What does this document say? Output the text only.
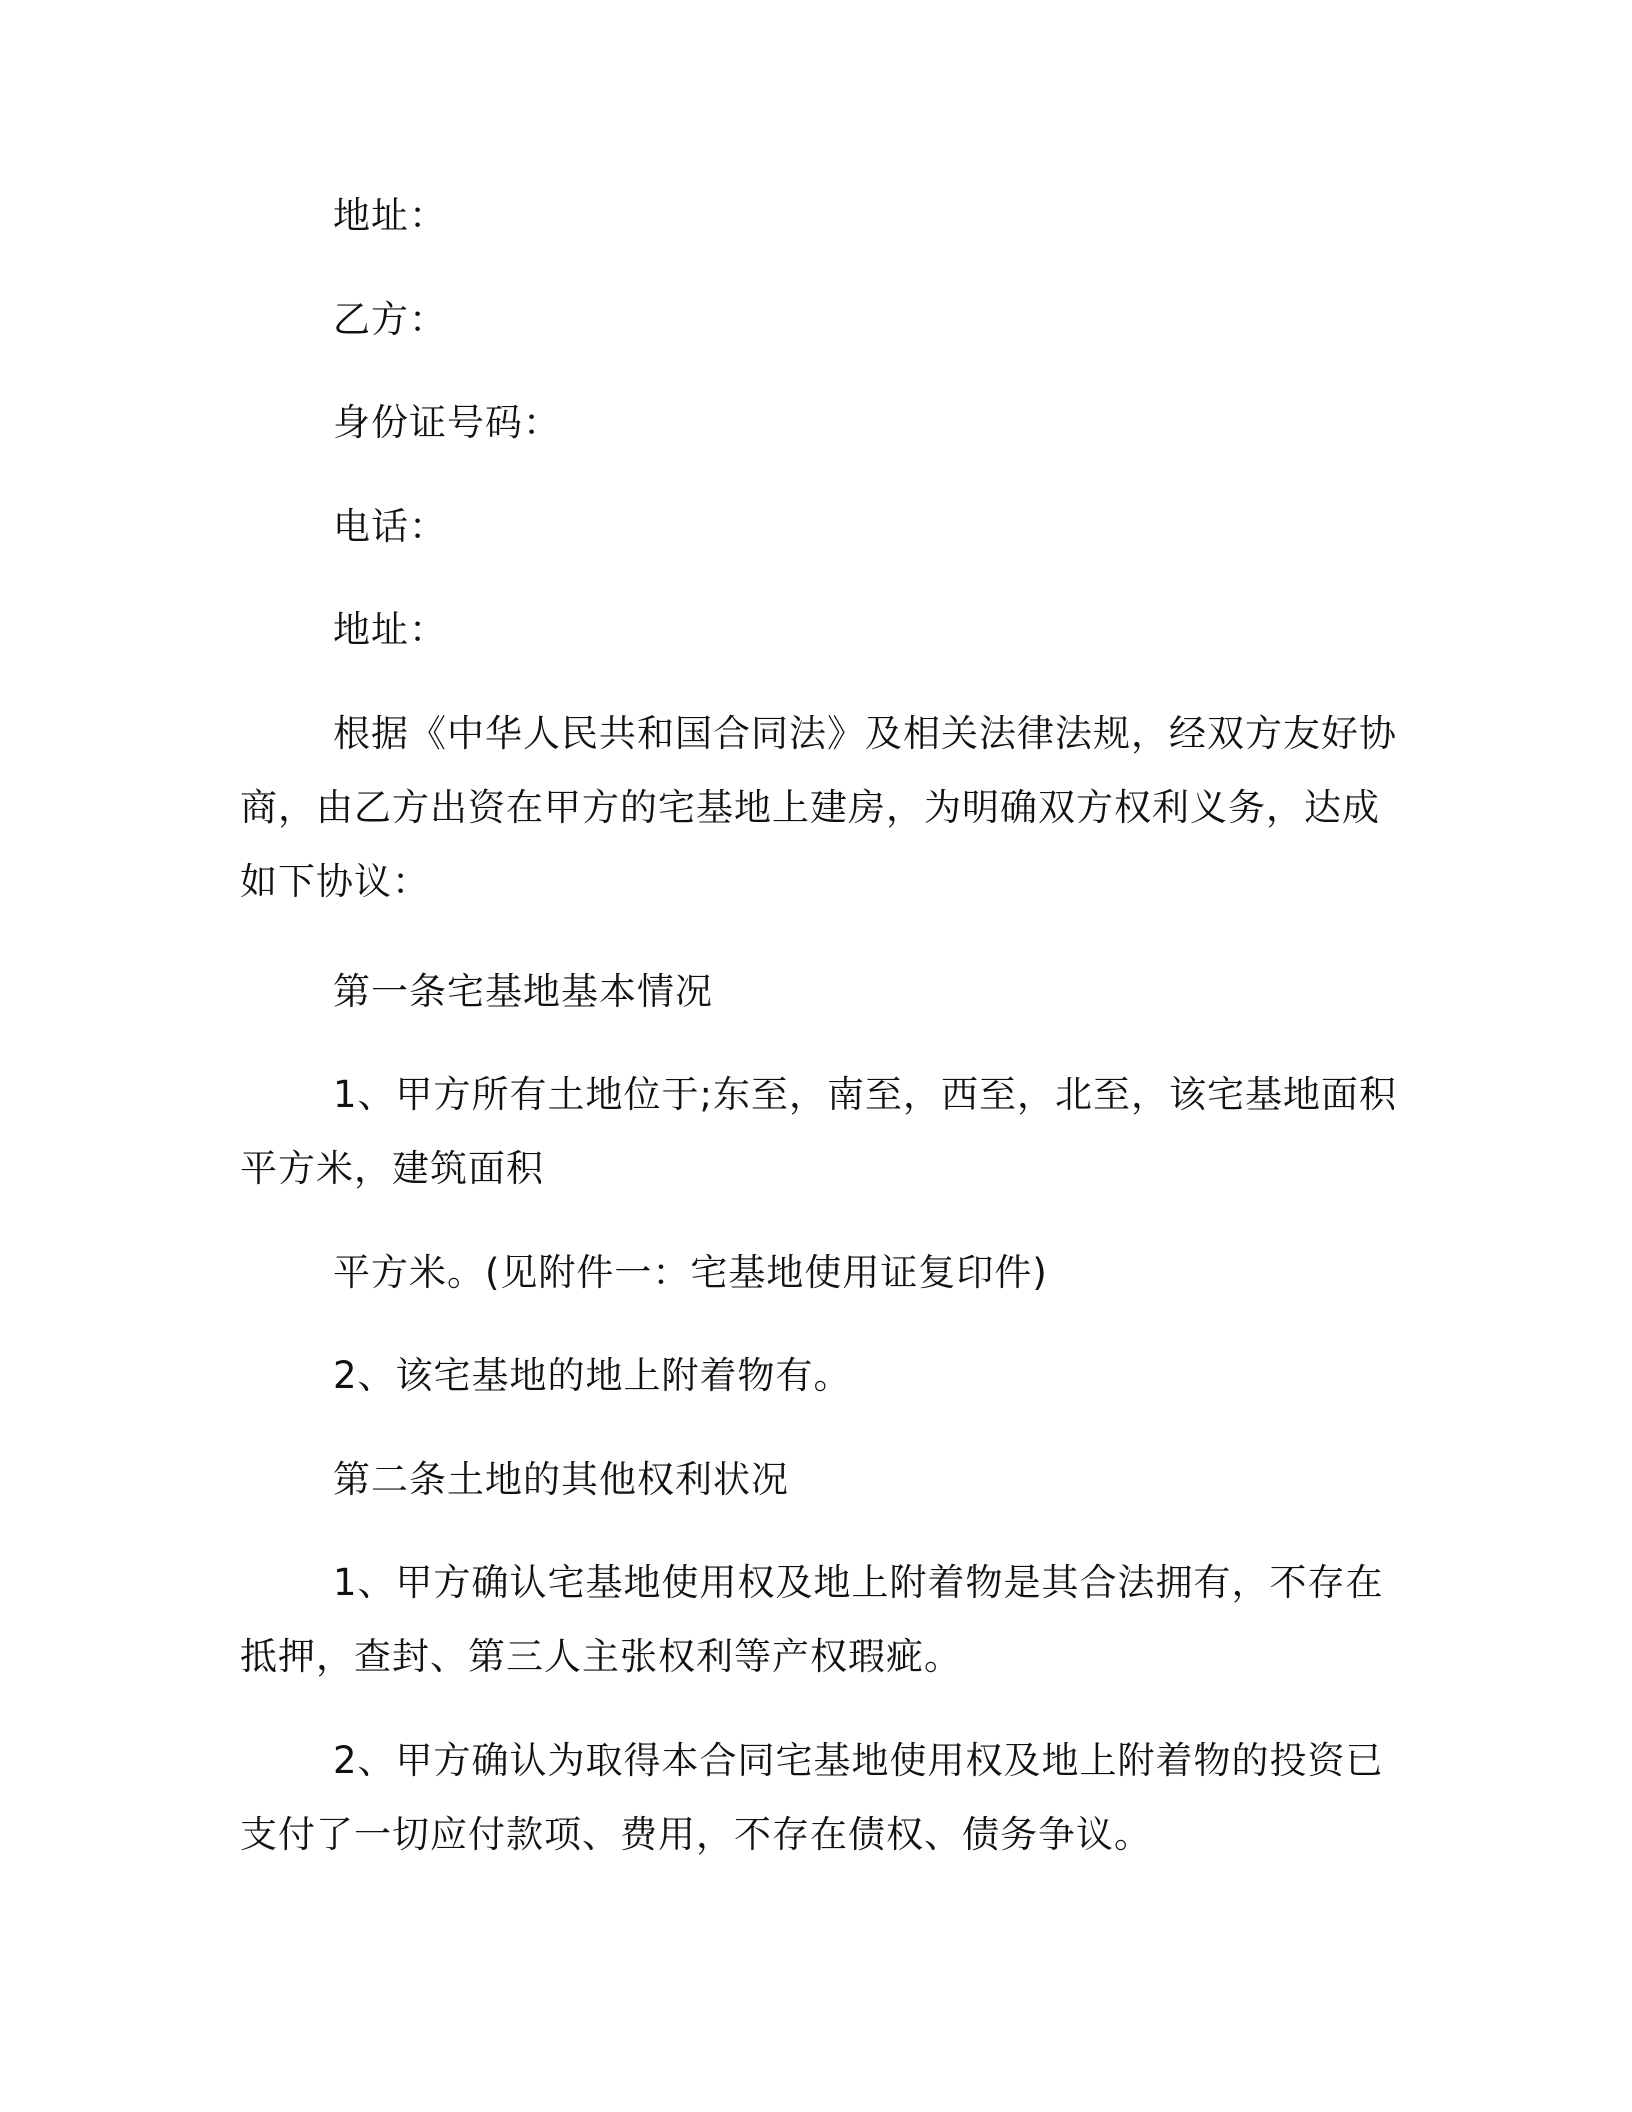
地址：

乙方：

身份证号码：

电话：

地址：

根据《中华人民共和国合同法》及相关法律法规，经双方友好协

商，由乙方出资在甲方的宅基地上建房，为明确双方权利义务，达成

如下协议：

第一条宅基地基本情况

1、甲方所有土地位于;东至，南至，西至，北至，该宅基地面积

平方米，建筑面积

平方米。(见附件一：宅基地使用证复印件)

2、该宅基地的地上附着物有。

第二条土地的其他权利状况

1、甲方确认宅基地使用权及地上附着物是其合法拥有，不存在

抵押，查封、第三人主张权利等产权瑕疵。

2、甲方确认为取得本合同宅基地使用权及地上附着物的投资已

支付了一切应付款项、费用，不存在债权、债务争议。
